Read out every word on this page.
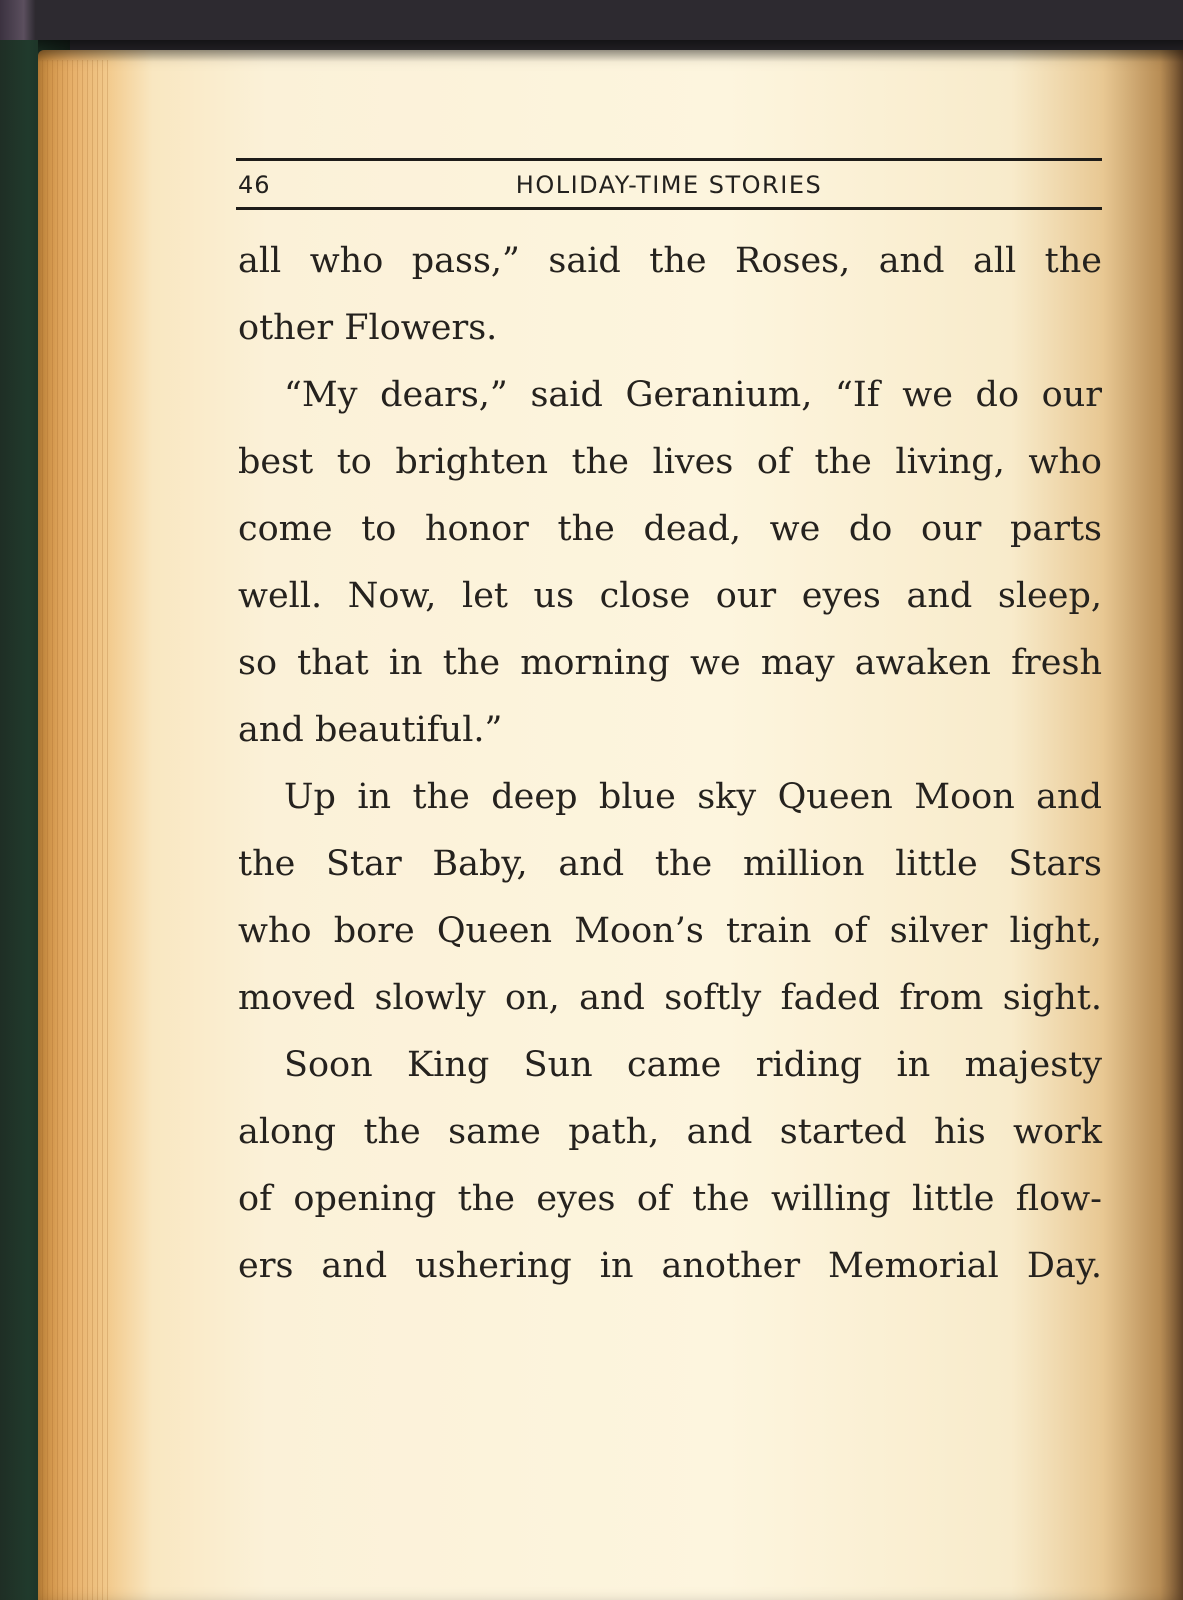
46	HOLIDAY-TIME STORIES
all who pass,” said the Roses, and all the
other Flowers.
“My dears,” said Geranium, “If we do our
best to brighten the lives of the living, who
come to honor the dead, we do our parts
well. Now, let us close our eyes and sleep,
so that in the morning we may awaken fresh
and beautiful.”
Up in the deep blue sky Queen Moon and
the Star Baby, and the million little Stars
who bore Queen Moon’s train of silver light,
moved slowly on, and softly faded from sight.
Soon King Sun came riding in majesty
along the same path, and started his work
of opening the eyes of the willing little flow-
ers and ushering in another Memorial Day.
